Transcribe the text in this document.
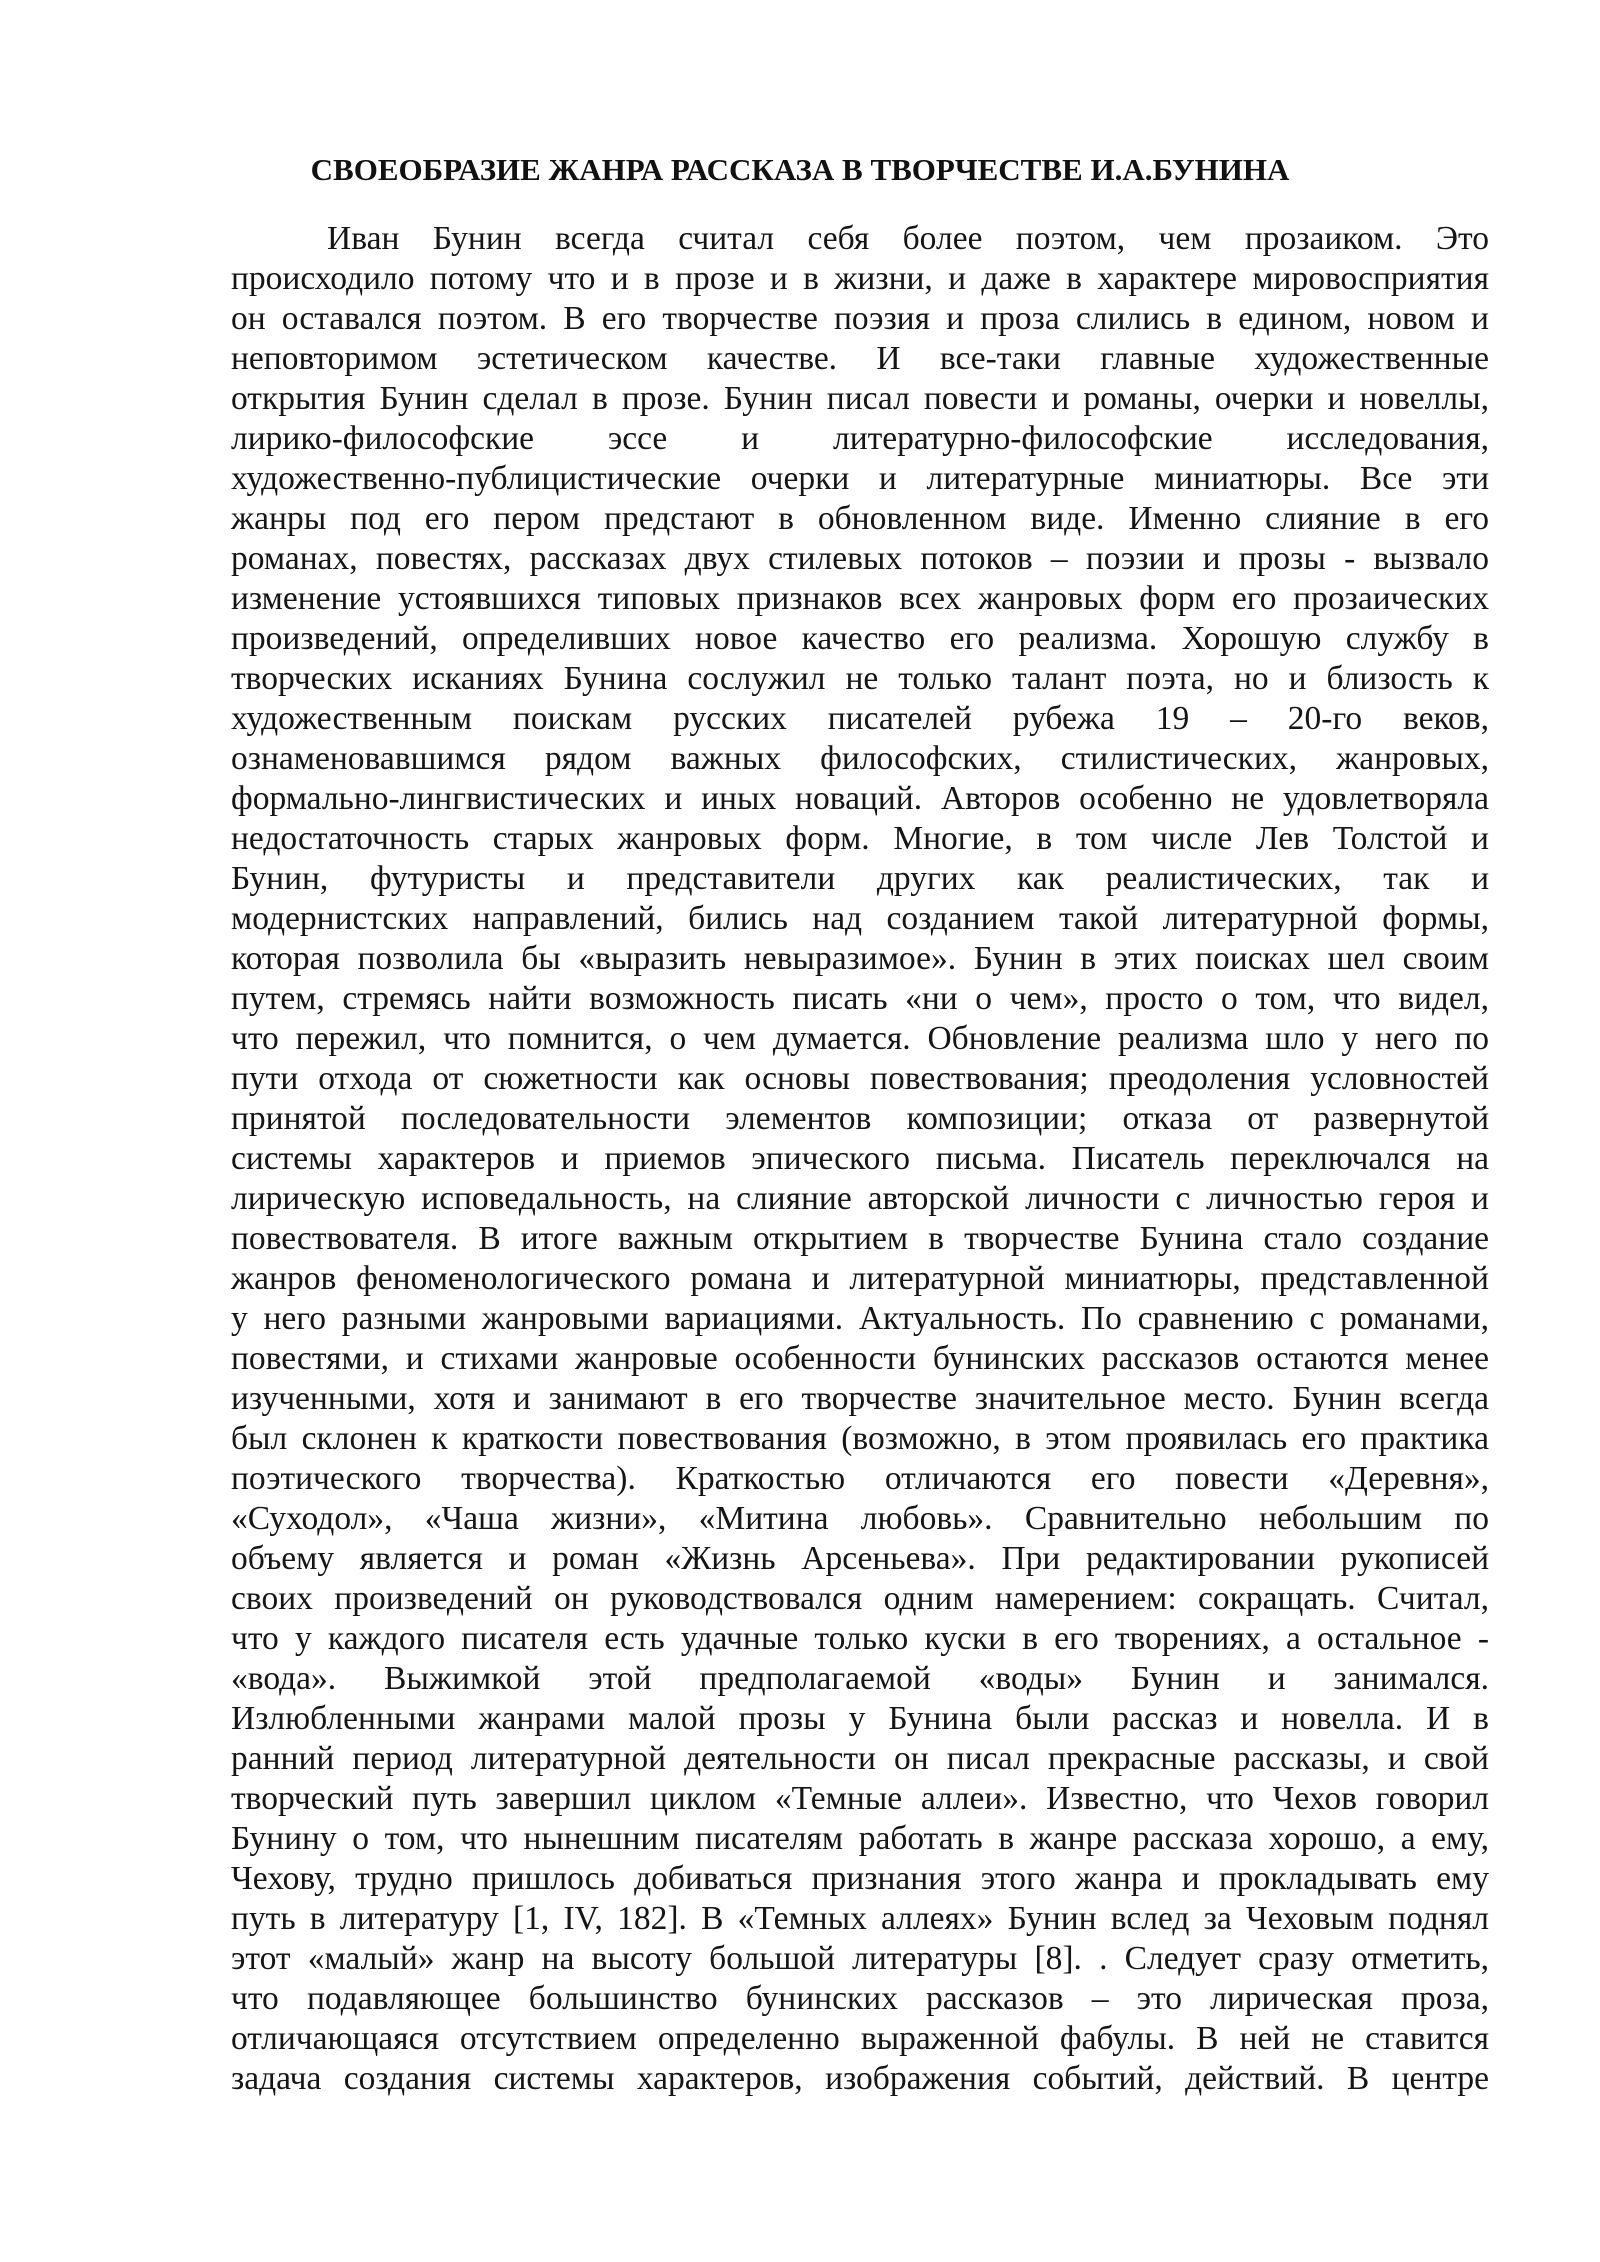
СВОЕОБРАЗИЕ ЖАНРА РАССКАЗА В ТВОРЧЕСТВЕ И.А.БУНИНА
Иван Бунин всегда считал себя более поэтом, чем прозаиком. Это
происходило потому что и в прозе и в жизни, и даже в характере мировосприятия
он оставался поэтом. В его творчестве поэзия и проза слились в едином, новом и
неповторимом эстетическом качестве. И все-таки главные художественные
открытия Бунин сделал в прозе. Бунин писал повести и романы, очерки и новеллы,
лирико-философские эссе и литературно-философские исследования,
художественно-публицистические очерки и литературные миниатюры. Все эти
жанры под его пером предстают в обновленном виде. Именно слияние в его
романах, повестях, рассказах двух стилевых потоков – поэзии и прозы - вызвало
изменение устоявшихся типовых признаков всех жанровых форм его прозаических
произведений, определивших новое качество его реализма. Хорошую службу в
творческих исканиях Бунина сослужил не только талант поэта, но и близость к
художественным поискам русских писателей рубежа 19 – 20-го веков,
ознаменовавшимся рядом важных философских, стилистических, жанровых,
формально-лингвистических и иных новаций. Авторов особенно не удовлетворяла
недостаточность старых жанровых форм. Многие, в том числе Лев Толстой и
Бунин, футуристы и представители других как реалистических, так и
модернистских направлений, бились над созданием такой литературной формы,
которая позволила бы «выразить невыразимое». Бунин в этих поисках шел своим
путем, стремясь найти возможность писать «ни о чем», просто о том, что видел,
что пережил, что помнится, о чем думается. Обновление реализма шло у него по
пути отхода от сюжетности как основы повествования; преодоления условностей
принятой последовательности элементов композиции; отказа от развернутой
системы характеров и приемов эпического письма. Писатель переключался на
лирическую исповедальность, на слияние авторской личности с личностью героя и
повествователя. В итоге важным открытием в творчестве Бунина стало создание
жанров феноменологического романа и литературной миниатюры, представленной
у него разными жанровыми вариациями. Актуальность. По сравнению с романами,
повестями, и стихами жанровые особенности бунинских рассказов остаются менее
изученными, хотя и занимают в его творчестве значительное место. Бунин всегда
был склонен к краткости повествования (возможно, в этом проявилась его практика
поэтического творчества). Краткостью отличаются его повести «Деревня»,
«Суходол», «Чаша жизни», «Митина любовь». Сравнительно небольшим по
объему является и роман «Жизнь Арсеньева». При редактировании рукописей
своих произведений он руководствовался одним намерением: сокращать. Считал,
что у каждого писателя есть удачные только куски в его творениях, а остальное -
«вода». Выжимкой этой предполагаемой «воды» Бунин и занимался.
Излюбленными жанрами малой прозы у Бунина были рассказ и новелла. И в
ранний период литературной деятельности он писал прекрасные рассказы, и свой
творческий путь завершил циклом «Темные аллеи». Известно, что Чехов говорил
Бунину о том, что нынешним писателям работать в жанре рассказа хорошо, а ему,
Чехову, трудно пришлось добиваться признания этого жанра и прокладывать ему
путь в литературу [1, IV, 182]. В «Темных аллеях» Бунин вслед за Чеховым поднял
этот «малый» жанр на высоту большой литературы [8]. . Следует сразу отметить,
что подавляющее большинство бунинских рассказов – это лирическая проза,
отличающаяся отсутствием определенно выраженной фабулы. В ней не ставится
задача создания системы характеров, изображения событий, действий. В центре
